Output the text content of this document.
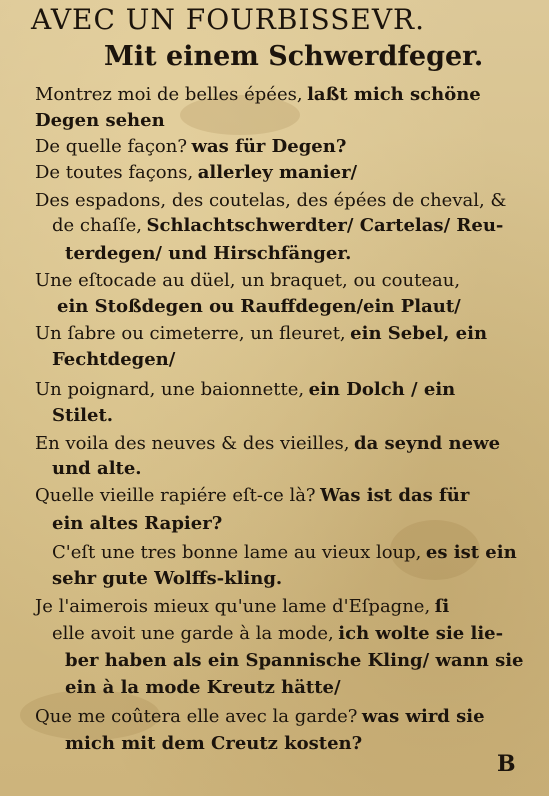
AVEC UN FOURBISSEVR.
Mit einem Schwerdfeger.
Montrez moi de belles épées, laßt mich schöne
Degen sehen
De quelle façon? was für Degen?
De toutes façons, allerley manier/
Des espadons, des coutelas, des épées de cheval, &
de chaſſe, Schlachtschwerdter/ Cartelas/ Reu-
terdegen/ und Hirschfänger.
Une eſtocade au düel, un braquet, ou couteau,
ein Stoßdegen ou Rauffdegen/ein Plaut/
Un ſabre ou cimeterre, un fleuret, ein Sebel, ein
Fechtdegen/
Un poignard, une baionnette, ein Dolch / ein
Stilet.
En voila des neuves & des vieilles, da seynd newe
und alte.
Quelle vieille rapiére eſt-ce là? Was ist das für
ein altes Rapier?
C'eſt une tres bonne lame au vieux loup, es ist ein
sehr gute Wolffs-kling.
Je l'aimerois mieux qu'une lame d'Eſpagne, ſi
elle avoit une garde à la mode, ich wolte sie lie-
ber haben als ein Spannische Kling/ wann sie
ein à la mode Kreutz hätte/
Que me coûtera elle avec la garde? was wird sie
mich mit dem Creutz kosten?
B
